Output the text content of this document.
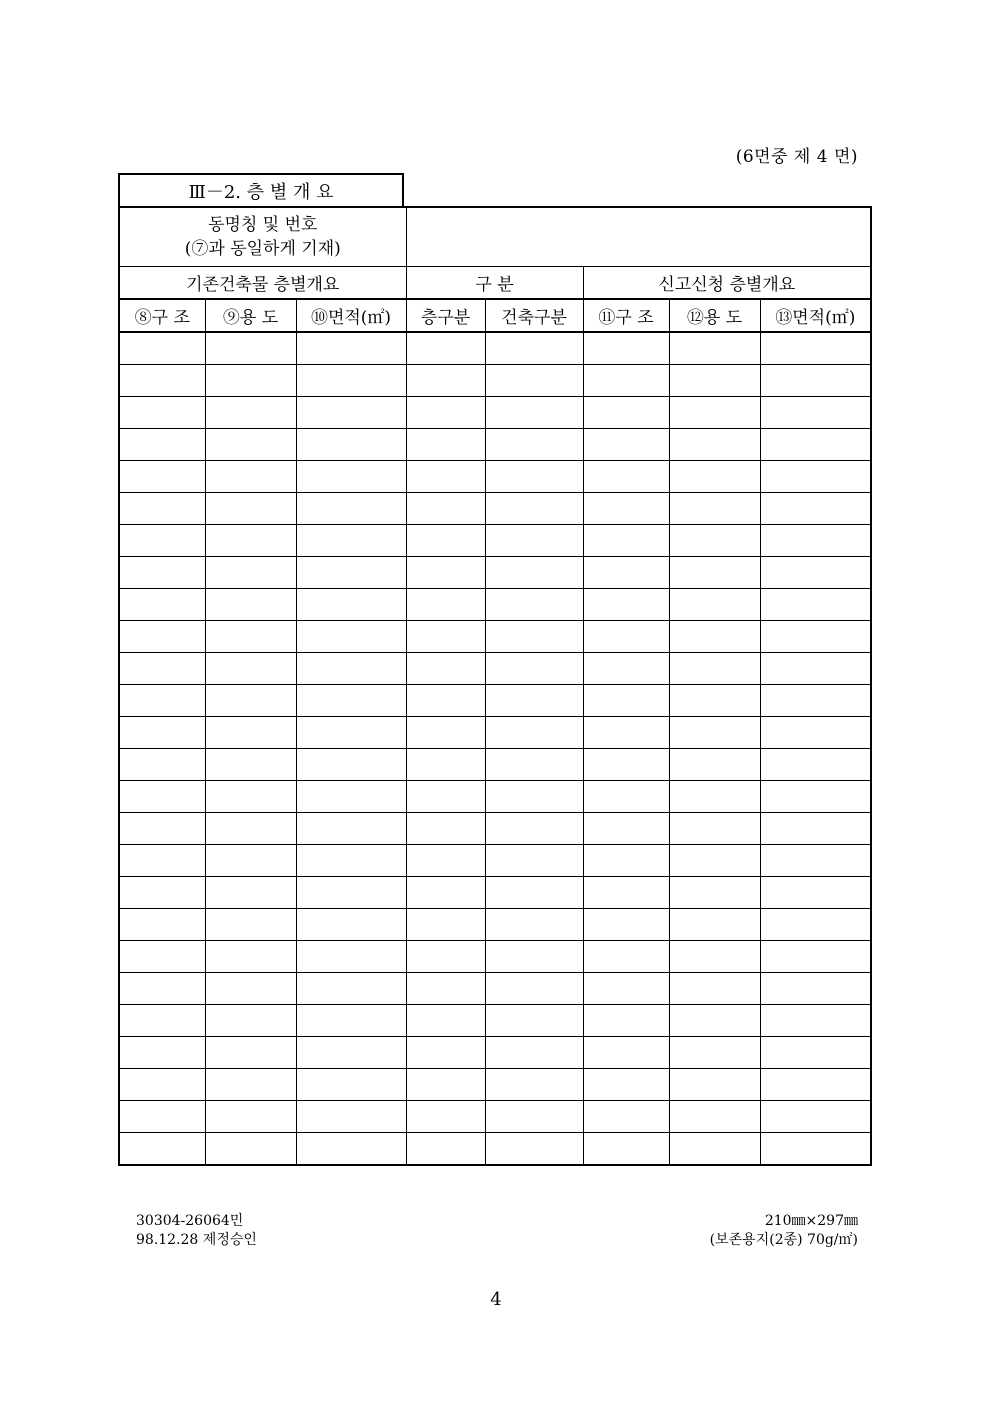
(6면중 제 4 면)
Ⅲ－2. 층 별 개 요
동명칭 및 번호
(⑦과 동일하게 기재)							

기존건축물 층별개요			구 분		신고신청 층별개요		
⑧구 조	⑨용 도	⑩면적(㎡)	층구분	건축구분	⑪구 조	⑫용 도	⑬면적(㎡)

30304-26064민
98.12.28 제정승인
210㎜×297㎜
(보존용지(2종) 70g/㎡)
4
